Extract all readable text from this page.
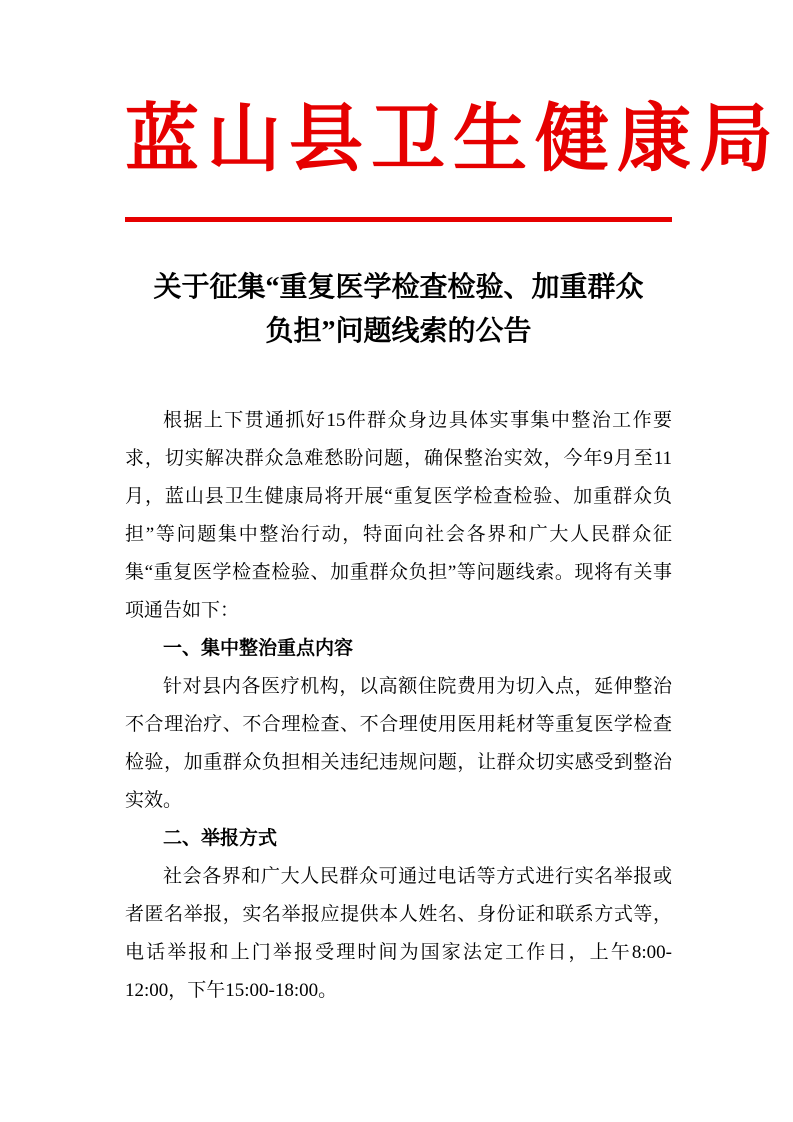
蓝山县卫生健康局
关于征集“重复医学检查检验、加重群众
负担”问题线索的公告

根据上下贯通抓好15件群众身边具体实事集中整治工作要求，切实解决群众急难愁盼问题，确保整治实效，今年9月至11月，蓝山县卫生健康局将开展“重复医学检查检验、加重群众负担”等问题集中整治行动，特面向社会各界和广大人民群众征集“重复医学检查检验、加重群众负担”等问题线索。现将有关事项通告如下：

一、集中整治重点内容

针对县内各医疗机构，以高额住院费用为切入点，延伸整治不合理治疗、不合理检查、不合理使用医用耗材等重复医学检查检验，加重群众负担相关违纪违规问题，让群众切实感受到整治实效。

二、举报方式

社会各界和广大人民群众可通过电话等方式进行实名举报或者匿名举报，实名举报应提供本人姓名、身份证和联系方式等，电话举报和上门举报受理时间为国家法定工作日，上午8:00-12:00，下午15:00-18:00。
